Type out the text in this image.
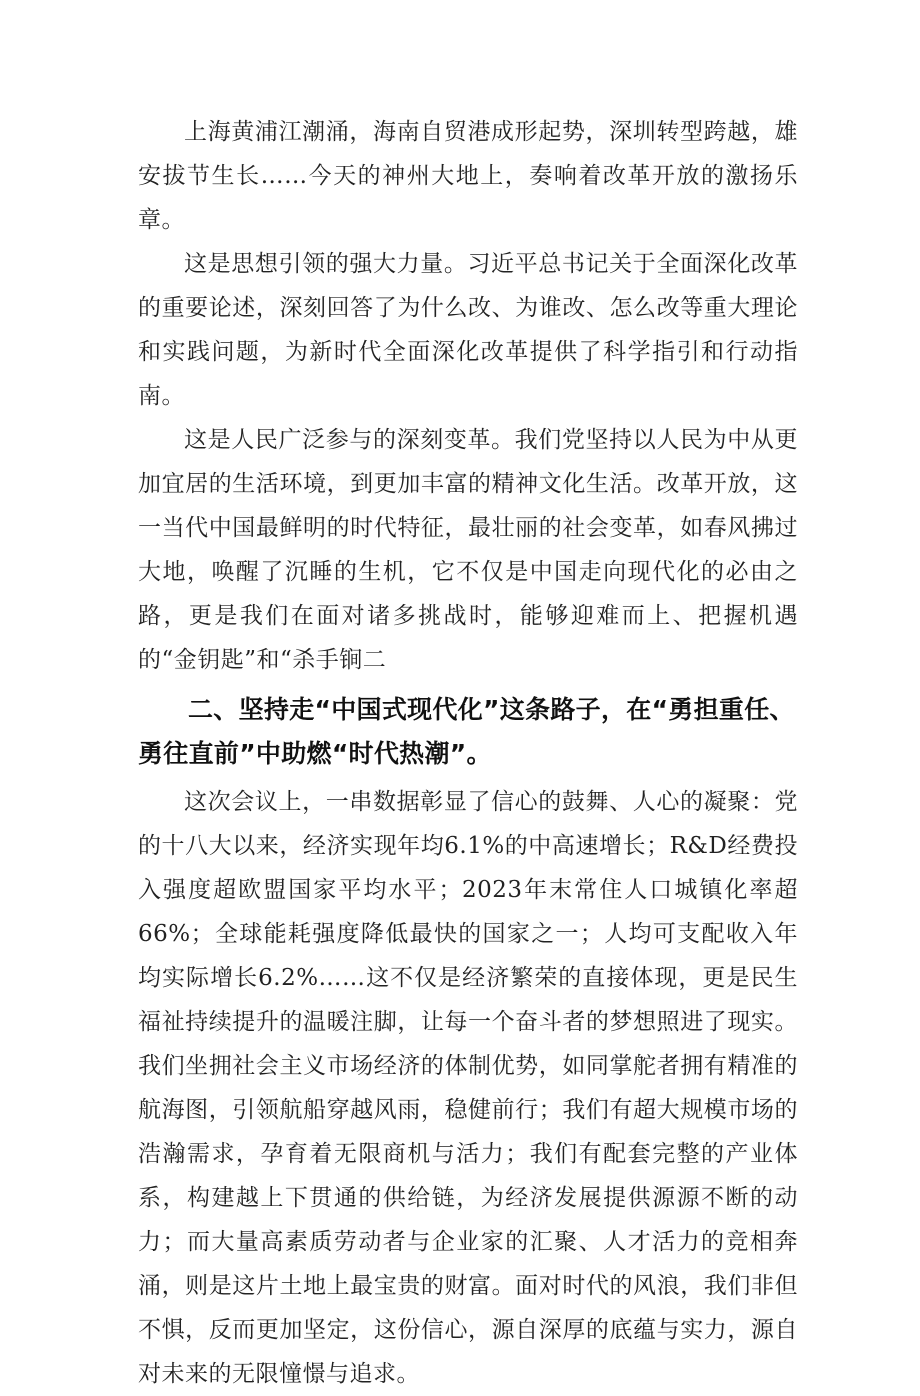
上海黄浦江潮涌，海南自贸港成形起势，深圳转型跨越，雄安拔节生长……今天的神州大地上，奏响着改革开放的激扬乐章。

这是思想引领的强大力量。习近平总书记关于全面深化改革的重要论述，深刻回答了为什么改、为谁改、怎么改等重大理论和实践问题，为新时代全面深化改革提供了科学指引和行动指南。

这是人民广泛参与的深刻变革。我们党坚持以人民为中从更加宜居的生活环境，到更加丰富的精神文化生活。改革开放，这一当代中国最鲜明的时代特征，最壮丽的社会变革，如春风拂过大地，唤醒了沉睡的生机，它不仅是中国走向现代化的必由之路，更是我们在面对诸多挑战时，能够迎难而上、把握机遇的“金钥匙”和“杀手锏二

二、坚持走“中国式现代化”这条路子，在“勇担重任、勇往直前”中助燃“时代热潮”。

这次会议上，一串数据彰显了信心的鼓舞、人心的凝聚：党的十八大以来，经济实现年均6.1%的中高速增长；R&D经费投入强度超欧盟国家平均水平；2023年末常住人口城镇化率超66%；全球能耗强度降低最快的国家之一；人均可支配收入年均实际增长6.2%……这不仅是经济繁荣的直接体现，更是民生福祉持续提升的温暖注脚，让每一个奋斗者的梦想照进了现实。我们坐拥社会主义市场经济的体制优势，如同掌舵者拥有精准的航海图，引领航船穿越风雨，稳健前行；我们有超大规模市场的浩瀚需求，孕育着无限商机与活力；我们有配套完整的产业体系，构建越上下贯通的供给链，为经济发展提供源源不断的动力；而大量高素质劳动者与企业家的汇聚、人才活力的竞相奔涌，则是这片土地上最宝贵的财富。面对时代的风浪，我们非但不惧，反而更加坚定，这份信心，源自深厚的底蕴与实力，源自对未来的无限憧憬与追求。
